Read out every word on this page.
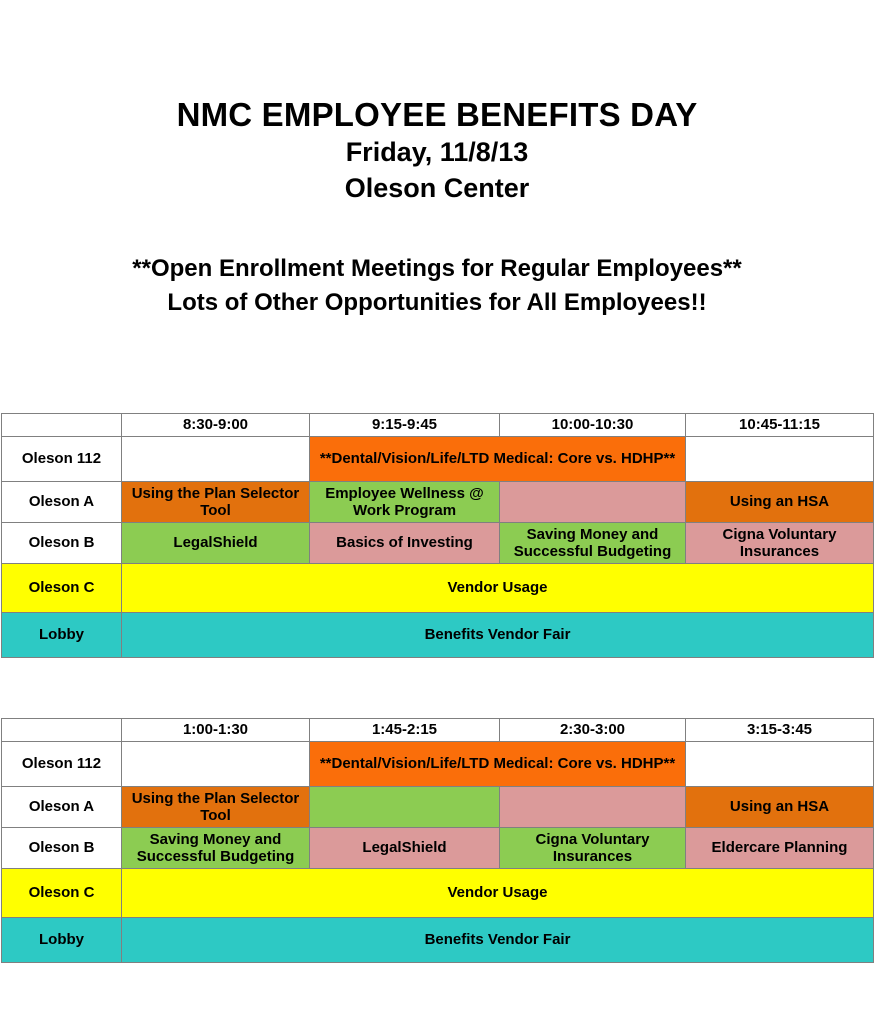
NMC EMPLOYEE BENEFITS DAY
Friday, 11/8/13
Oleson Center
**Open Enrollment Meetings for Regular Employees**
Lots of Other Opportunities for All Employees!!
	8:30-9:00	9:15-9:45	10:00-10:30	10:45-11:15
Oleson 112		**Dental/Vision/Life/LTD Medical: Core vs. HDHP**		
Oleson A	Using the Plan Selector Tool	Employee Wellness @ Work Program		Using an HSA
Oleson B	LegalShield	Basics of Investing	Saving Money and Successful Budgeting	Cigna Voluntary Insurances
Oleson C	Vendor Usage			
Lobby	Benefits Vendor Fair			
	1:00-1:30	1:45-2:15	2:30-3:00	3:15-3:45
Oleson 112		**Dental/Vision/Life/LTD Medical: Core vs. HDHP**		
Oleson A	Using the Plan Selector Tool			Using an HSA
Oleson B	Saving Money and Successful Budgeting	LegalShield	Cigna Voluntary Insurances	Eldercare Planning
Oleson C	Vendor Usage			
Lobby	Benefits Vendor Fair			
